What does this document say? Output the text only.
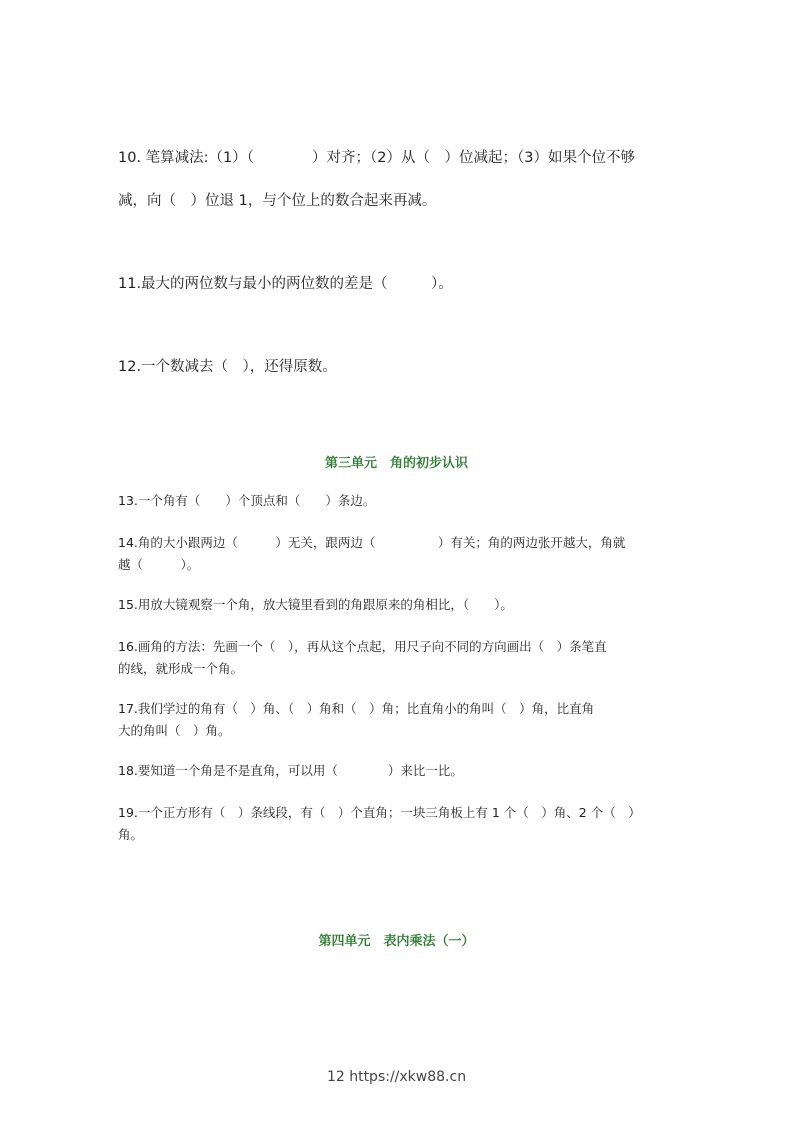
10. 笔算减法:（1）（　　　　）对齐；（2）从（　）位减起；（3）如果个位不够
减，向（　）位退 1，与个位上的数合起来再减。
11.最大的两位数与最小的两位数的差是（　　　）。
12.一个数减去（　），还得原数。
第三单元　角的初步认识
13.一个角有（　　）个顶点和（　　）条边。
14.角的大小跟两边（　　　）无关，跟两边（　　　　　）有关；角的两边张开越大，角就
越（　　　）。
15.用放大镜观察一个角，放大镜里看到的角跟原来的角相比，（　　）。
16.画角的方法：先画一个（　），再从这个点起，用尺子向不同的方向画出（　）条笔直
的线，就形成一个角。
17.我们学过的角有（　）角、（　）角和（　）角；比直角小的角叫（　）角，比直角
大的角叫（　）角。
18.要知道一个角是不是直角，可以用（　　　　）来比一比。
19.一个正方形有（　）条线段，有（　）个直角；一块三角板上有 1 个（　）角、2 个（　）
角。
第四单元　表内乘法（一）
12 https://xkw88.cn
